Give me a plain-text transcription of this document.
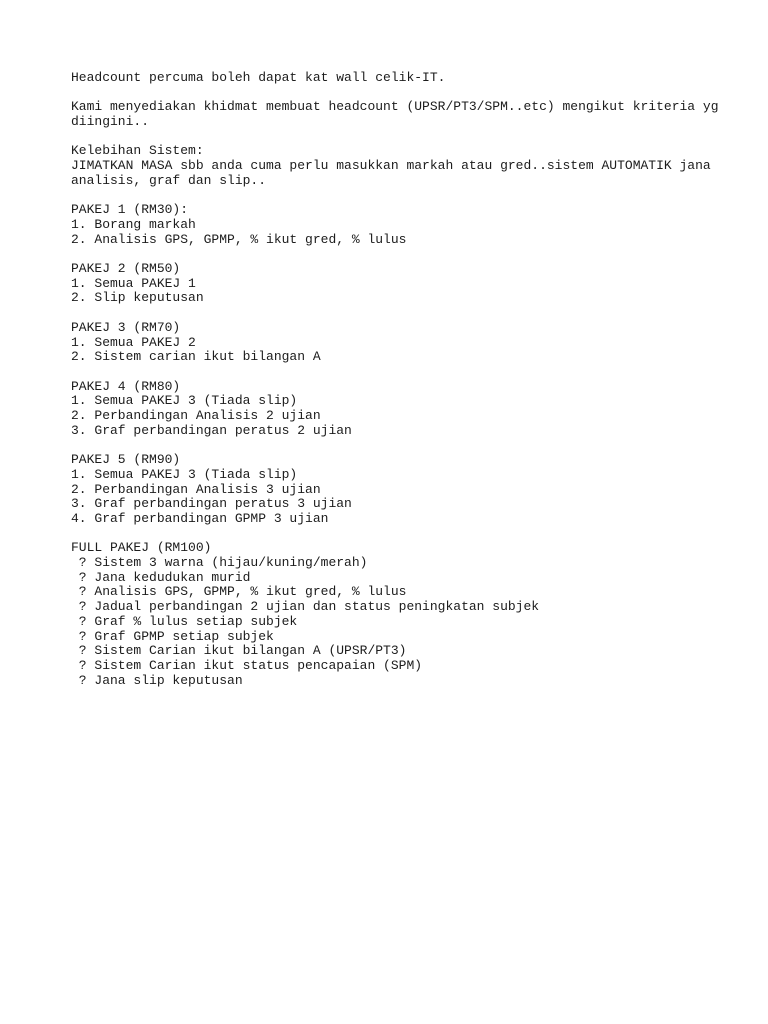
Headcount percuma boleh dapat kat wall celik-IT.
Kami menyediakan khidmat membuat headcount (UPSR/PT3/SPM..etc) mengikut kriteria yg
diingini..
Kelebihan Sistem:
JIMATKAN MASA sbb anda cuma perlu masukkan markah atau gred..sistem AUTOMATIK jana
analisis, graf dan slip..
PAKEJ 1 (RM30):
1. Borang markah
2. Analisis GPS, GPMP, % ikut gred, % lulus
PAKEJ 2 (RM50)
1. Semua PAKEJ 1
2. Slip keputusan
PAKEJ 3 (RM70)
1. Semua PAKEJ 2
2. Sistem carian ikut bilangan A
PAKEJ 4 (RM80)
1. Semua PAKEJ 3 (Tiada slip)
2. Perbandingan Analisis 2 ujian
3. Graf perbandingan peratus 2 ujian
PAKEJ 5 (RM90)
1. Semua PAKEJ 3 (Tiada slip)
2. Perbandingan Analisis 3 ujian
3. Graf perbandingan peratus 3 ujian
4. Graf perbandingan GPMP 3 ujian
FULL PAKEJ (RM100)
? Sistem 3 warna (hijau/kuning/merah)
? Jana kedudukan murid
? Analisis GPS, GPMP, % ikut gred, % lulus
? Jadual perbandingan 2 ujian dan status peningkatan subjek
? Graf % lulus setiap subjek
? Graf GPMP setiap subjek
? Sistem Carian ikut bilangan A (UPSR/PT3)
? Sistem Carian ikut status pencapaian (SPM)
? Jana slip keputusan
